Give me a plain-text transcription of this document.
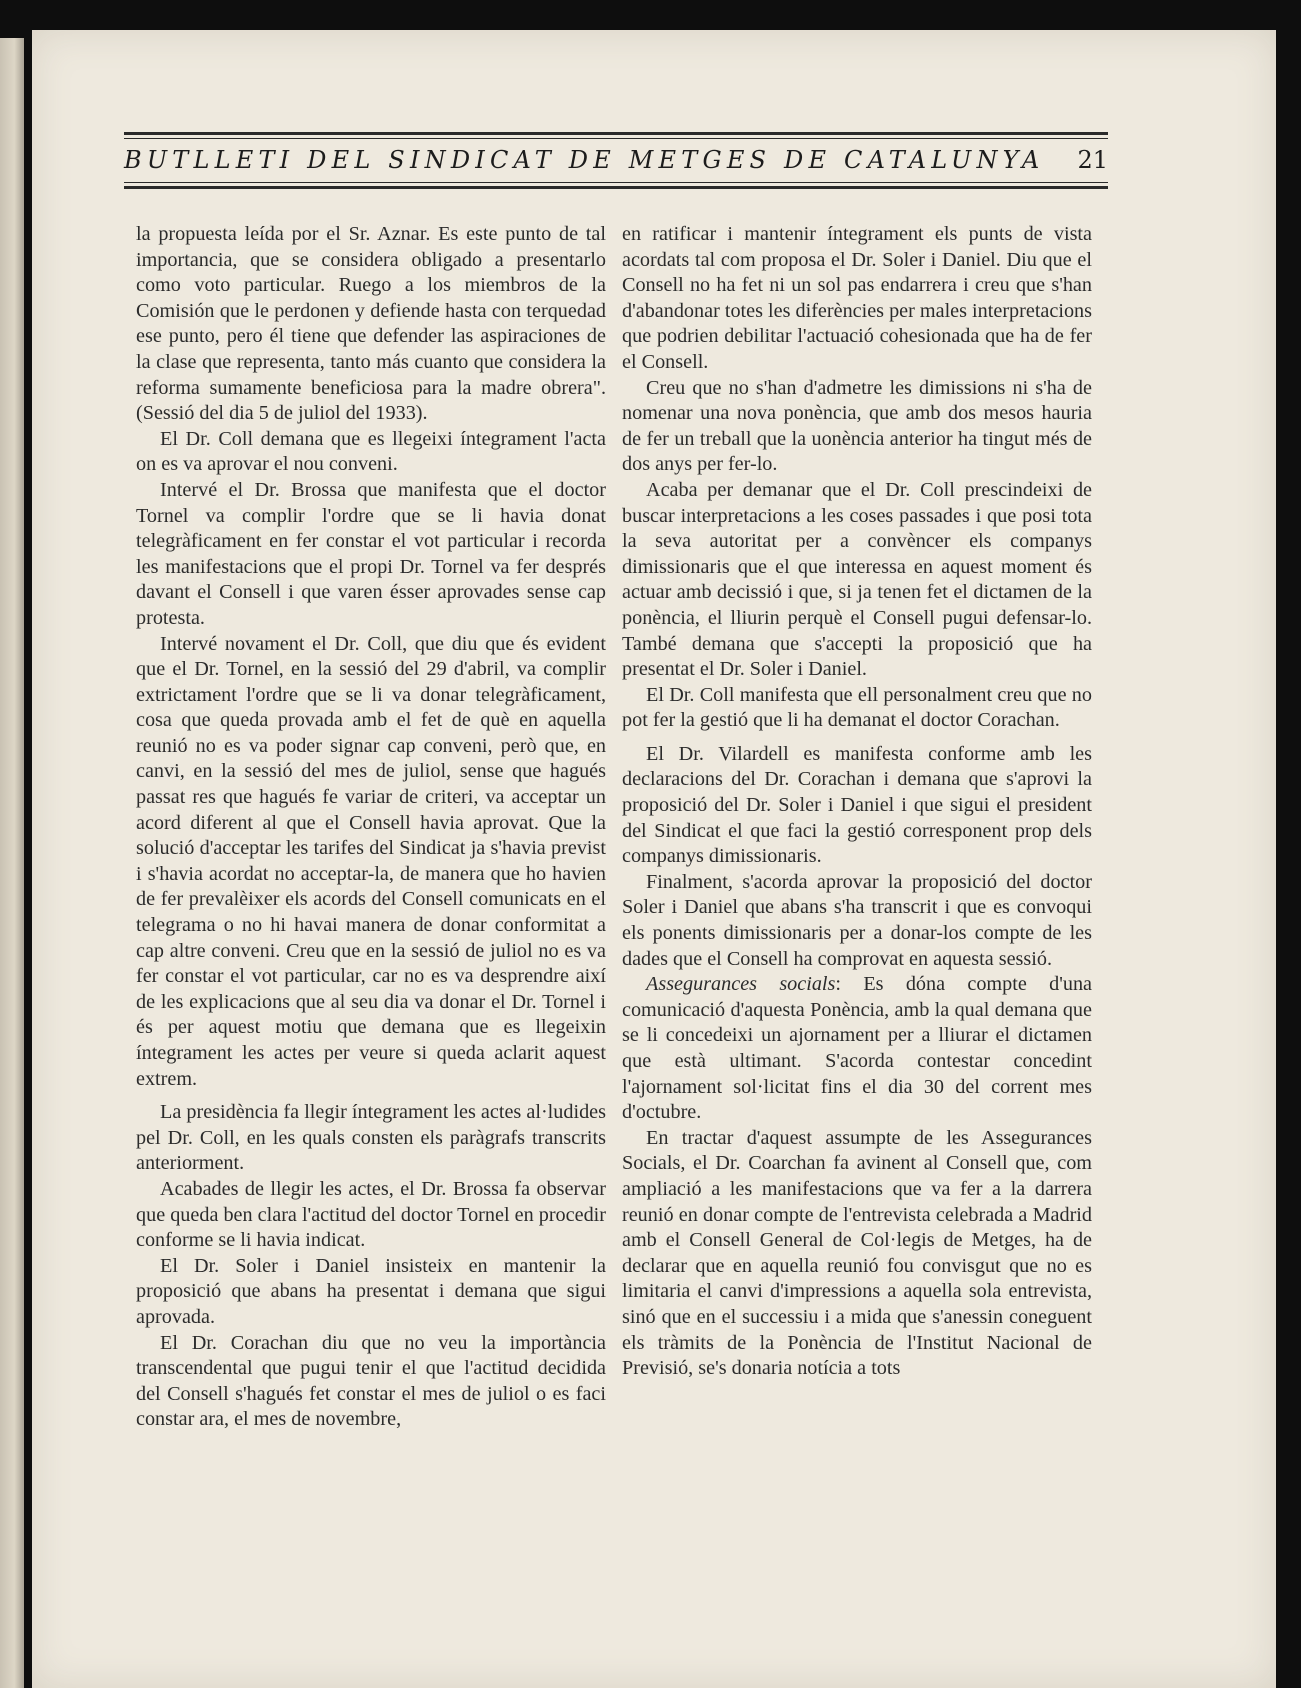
BUTLLETI DEL SINDICAT DE METGES DE CATALUNYA 21

la propuesta leída por el Sr. Aznar. Es este punto de tal importancia, que se considera obligado a presentarlo como voto particular. Ruego a los miembros de la Comisión que le perdonen y defiende hasta con terquedad ese punto, pero él tiene que defender las aspiraciones de la clase que representa, tanto más cuanto que considera la reforma sumamente beneficiosa para la madre obrera". (Sessió del dia 5 de juliol del 1933).

El Dr. Coll demana que es llegeixi íntegrament l'acta on es va aprovar el nou conveni.

Intervé el Dr. Brossa que manifesta que el doctor Tornel va complir l'ordre que se li havia donat telegràficament en fer constar el vot particular i recorda les manifestacions que el propi Dr. Tornel va fer després davant el Consell i que varen ésser aprovades sense cap protesta.

Intervé novament el Dr. Coll, que diu que és evident que el Dr. Tornel, en la sessió del 29 d'abril, va complir extrictament l'ordre que se li va donar telegràficament, cosa que queda provada amb el fet de què en aquella reunió no es va poder signar cap conveni, però que, en canvi, en la sessió del mes de juliol, sense que hagués passat res que hagués fe variar de criteri, va acceptar un acord diferent al que el Consell havia aprovat. Que la solució d'acceptar les tarifes del Sindicat ja s'havia previst i s'havia acordat no acceptar-la, de manera que ho havien de fer prevalèixer els acords del Consell comunicats en el telegrama o no hi havai manera de donar conformitat a cap altre conveni. Creu que en la sessió de juliol no es va fer constar el vot particular, car no es va desprendre així de les explicacions que al seu dia va donar el Dr. Tornel i és per aquest motiu que demana que es llegeixin íntegrament les actes per veure si queda aclarit aquest extrem.

La presidència fa llegir íntegrament les actes al·ludides pel Dr. Coll, en les quals consten els paràgrafs transcrits anteriorment.

Acabades de llegir les actes, el Dr. Brossa fa observar que queda ben clara l'actitud del doctor Tornel en procedir conforme se li havia indicat.

El Dr. Soler i Daniel insisteix en mantenir la proposició que abans ha presentat i demana que sigui aprovada.

El Dr. Corachan diu que no veu la importància transcendental que pugui tenir el que l'actitud decidida del Consell s'hagués fet constar el mes de juliol o es faci constar ara, el mes de novembre,

en ratificar i mantenir íntegrament els punts de vista acordats tal com proposa el Dr. Soler i Daniel. Diu que el Consell no ha fet ni un sol pas endarrera i creu que s'han d'abandonar totes les diferències per males interpretacions que podrien debilitar l'actuació cohesionada que ha de fer el Consell.

Creu que no s'han d'admetre les dimissions ni s'ha de nomenar una nova ponència, que amb dos mesos hauria de fer un treball que la uonència anterior ha tingut més de dos anys per fer-lo.

Acaba per demanar que el Dr. Coll prescindeixi de buscar interpretacions a les coses passades i que posi tota la seva autoritat per a convèncer els companys dimissionaris que el que interessa en aquest moment és actuar amb decissió i que, si ja tenen fet el dictamen de la ponència, el lliurin perquè el Consell pugui defensar-lo. També demana que s'accepti la proposició que ha presentat el Dr. Soler i Daniel.

El Dr. Coll manifesta que ell personalment creu que no pot fer la gestió que li ha demanat el doctor Corachan.

El Dr. Vilardell es manifesta conforme amb les declaracions del Dr. Corachan i demana que s'aprovi la proposició del Dr. Soler i Daniel i que sigui el president del Sindicat el que faci la gestió corresponent prop dels companys dimissionaris.

Finalment, s'acorda aprovar la proposició del doctor Soler i Daniel que abans s'ha transcrit i que es convoqui els ponents dimissionaris per a donar-los compte de les dades que el Consell ha comprovat en aquesta sessió.

Assegurances socials: Es dóna compte d'una comunicació d'aquesta Ponència, amb la qual demana que se li concedeixi un ajornament per a lliurar el dictamen que està ultimant. S'acorda contestar concedint l'ajornament sol·licitat fins el dia 30 del corrent mes d'octubre.

En tractar d'aquest assumpte de les Assegurances Socials, el Dr. Coarchan fa avinent al Consell que, com ampliació a les manifestacions que va fer a la darrera reunió en donar compte de l'entrevista celebrada a Madrid amb el Consell General de Col·legis de Metges, ha de declarar que en aquella reunió fou convisgut que no es limitaria el canvi d'impressions a aquella sola entrevista, sinó que en el successiu i a mida que s'anessin coneguent els tràmits de la Ponència de l'Institut Nacional de Previsió, se's donaria notícia a tots
